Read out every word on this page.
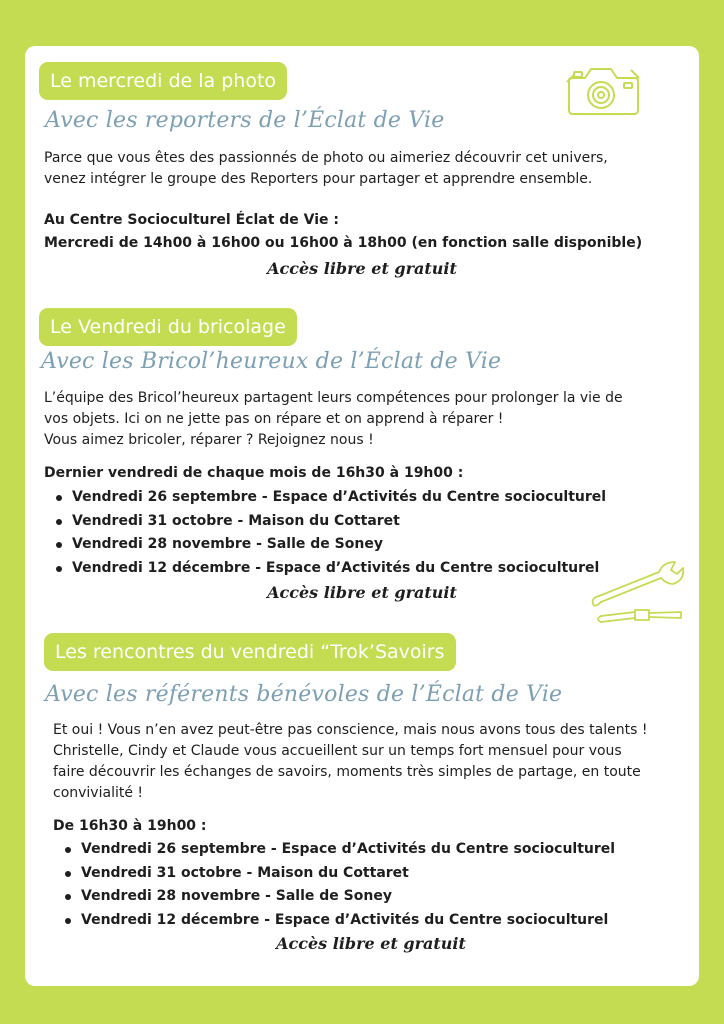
Le mercredi de la photo
Avec les reporters de l’Éclat de Vie

Parce que vous êtes des passionnés de photo ou aimeriez découvrir cet univers,
venez intégrer le groupe des Reporters pour partager et apprendre ensemble.

Au Centre Socioculturel Éclat de Vie :
Mercredi de 14h00 à 16h00 ou 16h00 à 18h00 (en fonction salle disponible)
Accès libre et gratuit
Le Vendredi du bricolage
Avec les Bricol’heureux de l’Éclat de Vie

L’équipe des Bricol’heureux partagent leurs compétences pour prolonger la vie de
vos objets. Ici on ne jette pas on répare et on apprend à réparer !
Vous aimez bricoler, réparer ? Rejoignez nous !

Dernier vendredi de chaque mois de 16h30 à 19h00 :
Vendredi 26 septembre - Espace d’Activités du Centre socioculturel
Vendredi 31 octobre - Maison du Cottaret
Vendredi 28 novembre - Salle de Soney
Vendredi 12 décembre - Espace d’Activités du Centre socioculturel
Accès libre et gratuit
Les rencontres du vendredi “Trok’Savoirs
Avec les référents bénévoles de l’Éclat de Vie

Et oui ! Vous n’en avez peut-être pas conscience, mais nous avons tous des talents !
Christelle, Cindy et Claude vous accueillent sur un temps fort mensuel pour vous
faire découvrir les échanges de savoirs, moments très simples de partage, en toute
convivialité !

De 16h30 à 19h00 :
Vendredi 26 septembre - Espace d’Activités du Centre socioculturel
Vendredi 31 octobre - Maison du Cottaret
Vendredi 28 novembre - Salle de Soney
Vendredi 12 décembre - Espace d’Activités du Centre socioculturel
Accès libre et gratuit
